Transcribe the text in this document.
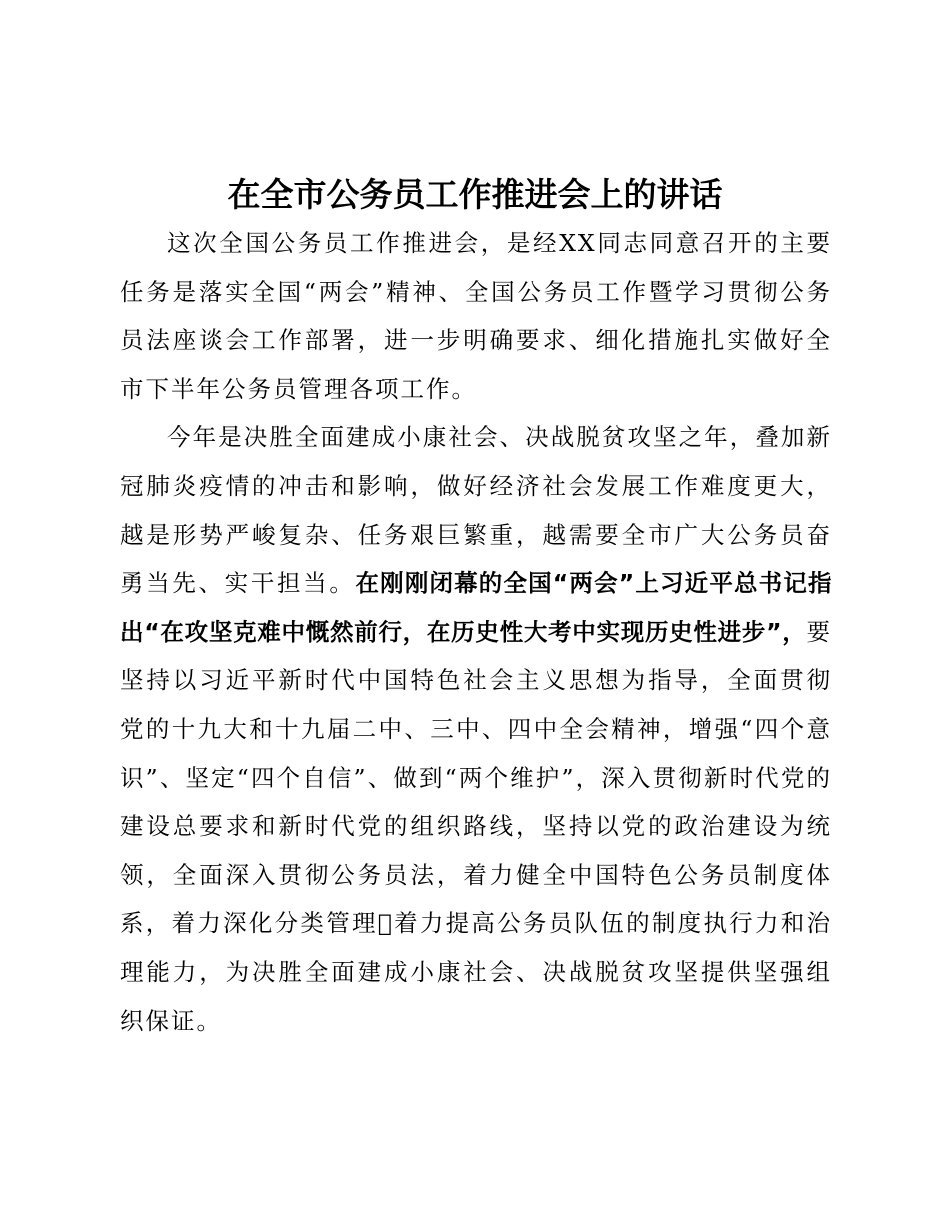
在全市公务员工作推进会上的讲话

这次全国公务员工作推进会，是经XX同志同意召开的主要任务是落实全国“两会”精神、全国公务员工作暨学习贯彻公务员法座谈会工作部署，进一步明确要求、细化措施扎实做好全市下半年公务员管理各项工作。

今年是决胜全面建成小康社会、决战脱贫攻坚之年，叠加新冠肺炎疫情的冲击和影响，做好经济社会发展工作难度更大，越是形势严峻复杂、任务艰巨繁重，越需要全市广大公务员奋勇当先、实干担当。在刚刚闭幕的全国“两会”上习近平总书记指出“在攻坚克难中慨然前行，在历史性大考中实现历史性进步”，要坚持以习近平新时代中国特色社会主义思想为指导，全面贯彻党的十九大和十九届二中、三中、四中全会精神，增强“四个意识”、坚定“四个自信”、做到“两个维护”，深入贯彻新时代党的建设总要求和新时代党的组织路线，坚持以党的政治建设为统领，全面深入贯彻公务员法，着力健全中国特色公务员制度体系，着力深化分类管理 着力提高公务员队伍的制度执行力和治理能力，为决胜全面建成小康社会、决战脱贫攻坚提供坚强组织保证。
